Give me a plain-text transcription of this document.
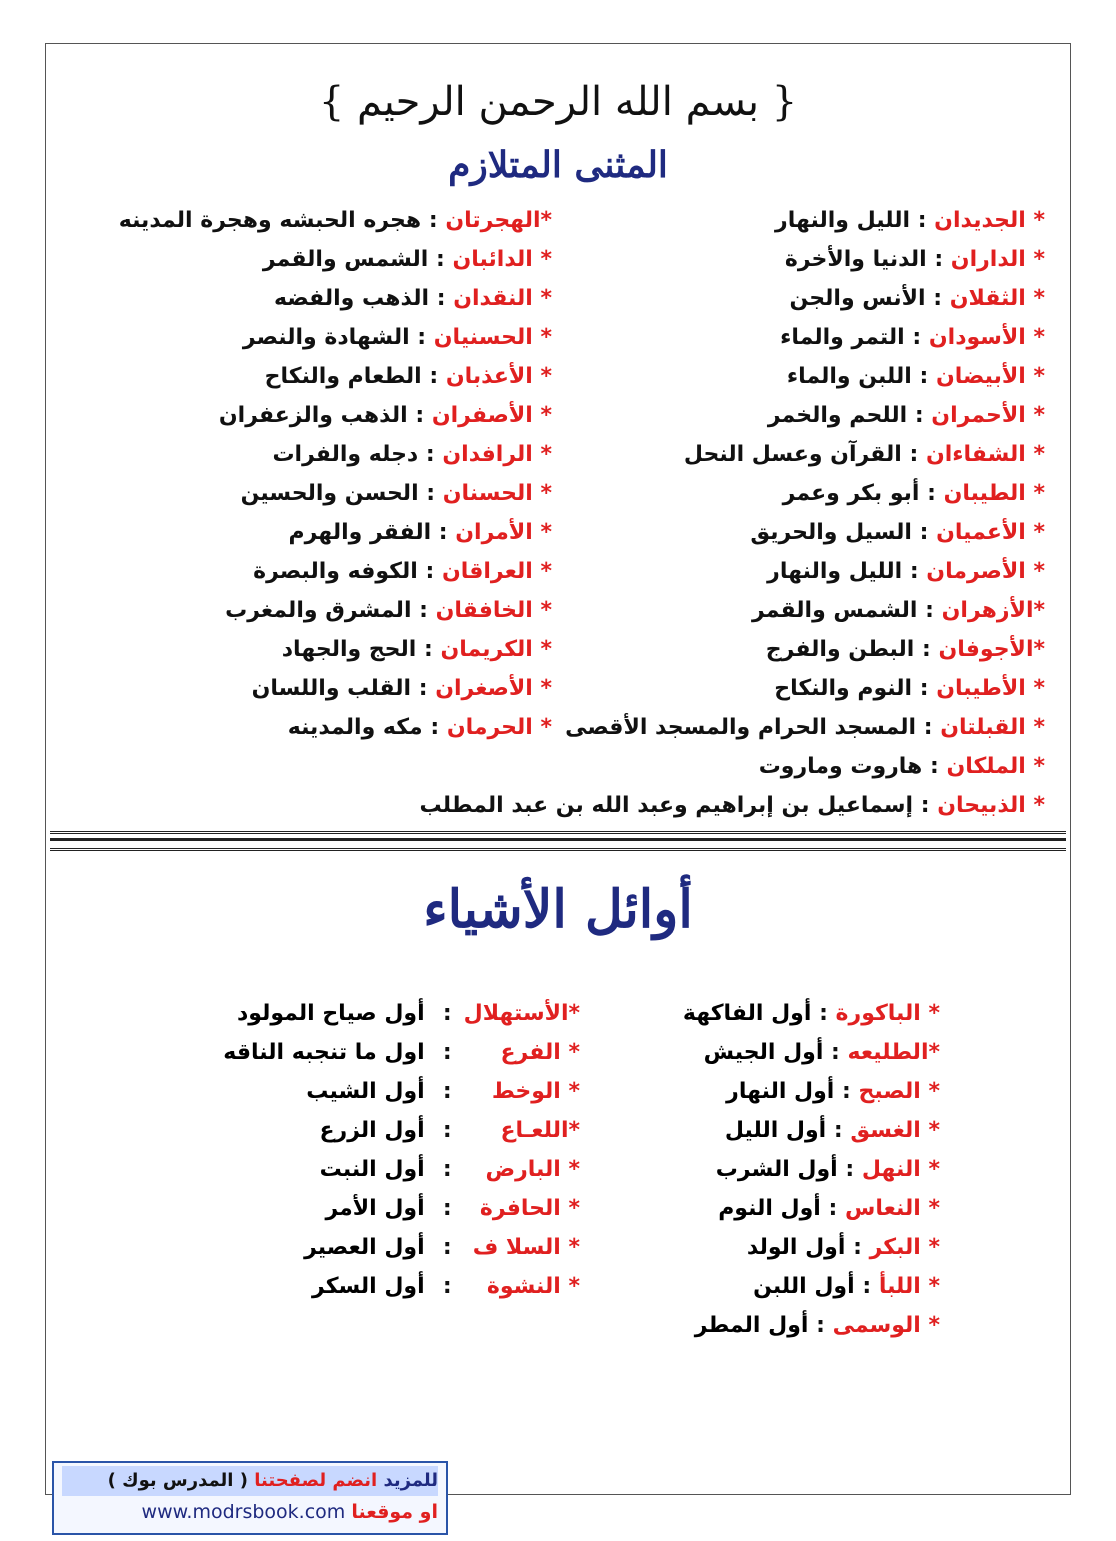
{ بسم الله الرحمن الرحيم }
المثنى المتلازم
* الجديدان : الليل والنهار
* الداران : الدنيا والأخرة
* الثقلان : الأنس والجن
* الأسودان : التمر والماء
* الأبيضان : اللبن والماء
* الأحمران : اللحم والخمر
* الشفاءان : القرآن وعسل النحل
* الطيبان : أبو بكر وعمر
* الأعميان : السيل والحريق
* الأصرمان : الليل والنهار
*الأزهران : الشمس والقمر
*الأجوفان : البطن والفرج
* الأطيبان : النوم والنكاح
* القبلتان : المسجد الحرام والمسجد الأقصى
* الملكان : هاروت وماروت
* الذبيحان : إسماعيل بن إبراهيم وعبد الله بن عبد المطلب
*الهجرتان : هجره الحبشه وهجرة المدينه
* الدائبان : الشمس والقمر
* النقدان : الذهب والفضه
* الحسنيان : الشهادة والنصر
* الأعذبان : الطعام والنكاح
* الأصفران : الذهب والزعفران
* الرافدان : دجله والفرات
* الحسنان : الحسن والحسين
* الأمران : الفقر والهرم
* العراقان : الكوفه والبصرة
* الخافقان : المشرق والمغرب
* الكريمان : الحج والجهاد
* الأصغران : القلب واللسان
* الحرمان : مكه والمدينه
أوائل الأشياء
* الباكورة : أول الفاكهة
*الطليعه : أول الجيش
* الصبح : أول النهار
* الغسق : أول الليل
* النهل : أول الشرب
* النعاس : أول النوم
* البكر : أول الولد
* اللبأ : أول اللبن
* الوسمى : أول المطر
*الأستهلال : أول صياح المولود
* الفرع : اول ما تنجبه الناقه
* الوخط : أول الشيب
*اللعـاع : أول الزرع
* البارض : أول النبت
* الحافرة : أول الأمر
* السلا ف : أول العصير
* النشوة : أول السكر
للمزيد انضم لصفحتنا ( المدرس بوك )
او موقعنا www.modrsbook.com
